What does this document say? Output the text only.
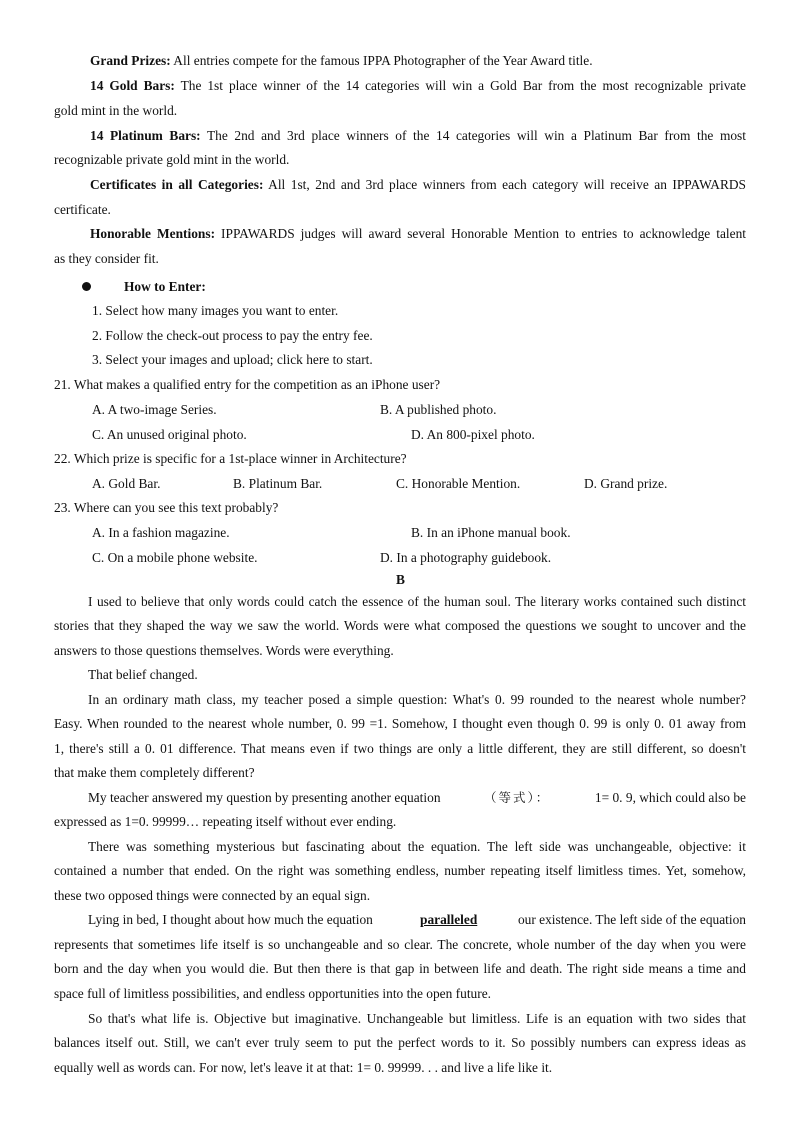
Grand Prizes: All entries compete for the famous IPPA Photographer of the Year Award title.
14 Gold Bars: The 1st place winner of the 14 categories will win a Gold Bar from the most recognizable private
gold mint in the world.
14 Platinum Bars: The 2nd and 3rd place winners of the 14 categories will win a Platinum Bar from the most
recognizable private gold mint in the world.
Certificates in all Categories: All 1st, 2nd and 3rd place winners from each category will receive an IPPAWARDS
certificate.
Honorable Mentions: IPPAWARDS judges will award several Honorable Mention to entries to acknowledge talent
as they consider fit.
How to Enter:
1. Select how many images you want to enter.
2. Follow the check-out process to pay the entry fee.
3. Select your images and upload; click here to start.
21. What makes a qualified entry for the competition as an iPhone user?
A. A two-image Series.	B. A published photo.
C. An unused original photo.	D. An 800-pixel photo.
22. Which prize is specific for a 1st-place winner in Architecture?
A. Gold Bar.	B. Platinum Bar.	C. Honorable Mention.	D. Grand prize.
23. Where can you see this text probably?
A. In a fashion magazine.	B. In an iPhone manual book.
C. On a mobile phone website.	D. In a photography guidebook.
B
I used to believe that only words could catch the essence of the human soul. The literary works contained such distinct
stories that they shaped the way we saw the world. Words were what composed the questions we sought to uncover and the
answers to those questions themselves. Words were everything.
That belief changed.
In an ordinary math class, my teacher posed a simple question: What's 0. 99 rounded to the nearest whole number?
Easy. When rounded to the nearest whole number, 0. 99 =1. Somehow, I thought even though 0. 99 is only 0. 01 away from
1, there's still a 0. 01 difference. That means even if two things are only a little different, they are still different, so doesn't
that make them completely different?
My teacher answered my question by presenting another equation	（等式）：	1= 0. 9, which could also be
expressed as 1=0. 99999… repeating itself without ever ending.
There was something mysterious but fascinating about the equation. The left side was unchangeable, objective: it
contained a number that ended. On the right was something endless, number repeating itself limitless times. Yet, somehow,
these two opposed things were connected by an equal sign.
Lying in bed, I thought about how much the equation	paralleled	our existence. The left side of the equation
represents that sometimes life itself is so unchangeable and so clear. The concrete, whole number of the day when you were
born and the day when you would die. But then there is that gap in between life and death. The right side means a time and
space full of limitless possibilities, and endless opportunities into the open future.
So that's what life is. Objective but imaginative. Unchangeable but limitless. Life is an equation with two sides that
balances itself out. Still, we can't ever truly seem to put the perfect words to it. So possibly numbers can express ideas as
equally well as words can. For now, let's leave it at that: 1= 0. 99999. . . and live a life like it.
